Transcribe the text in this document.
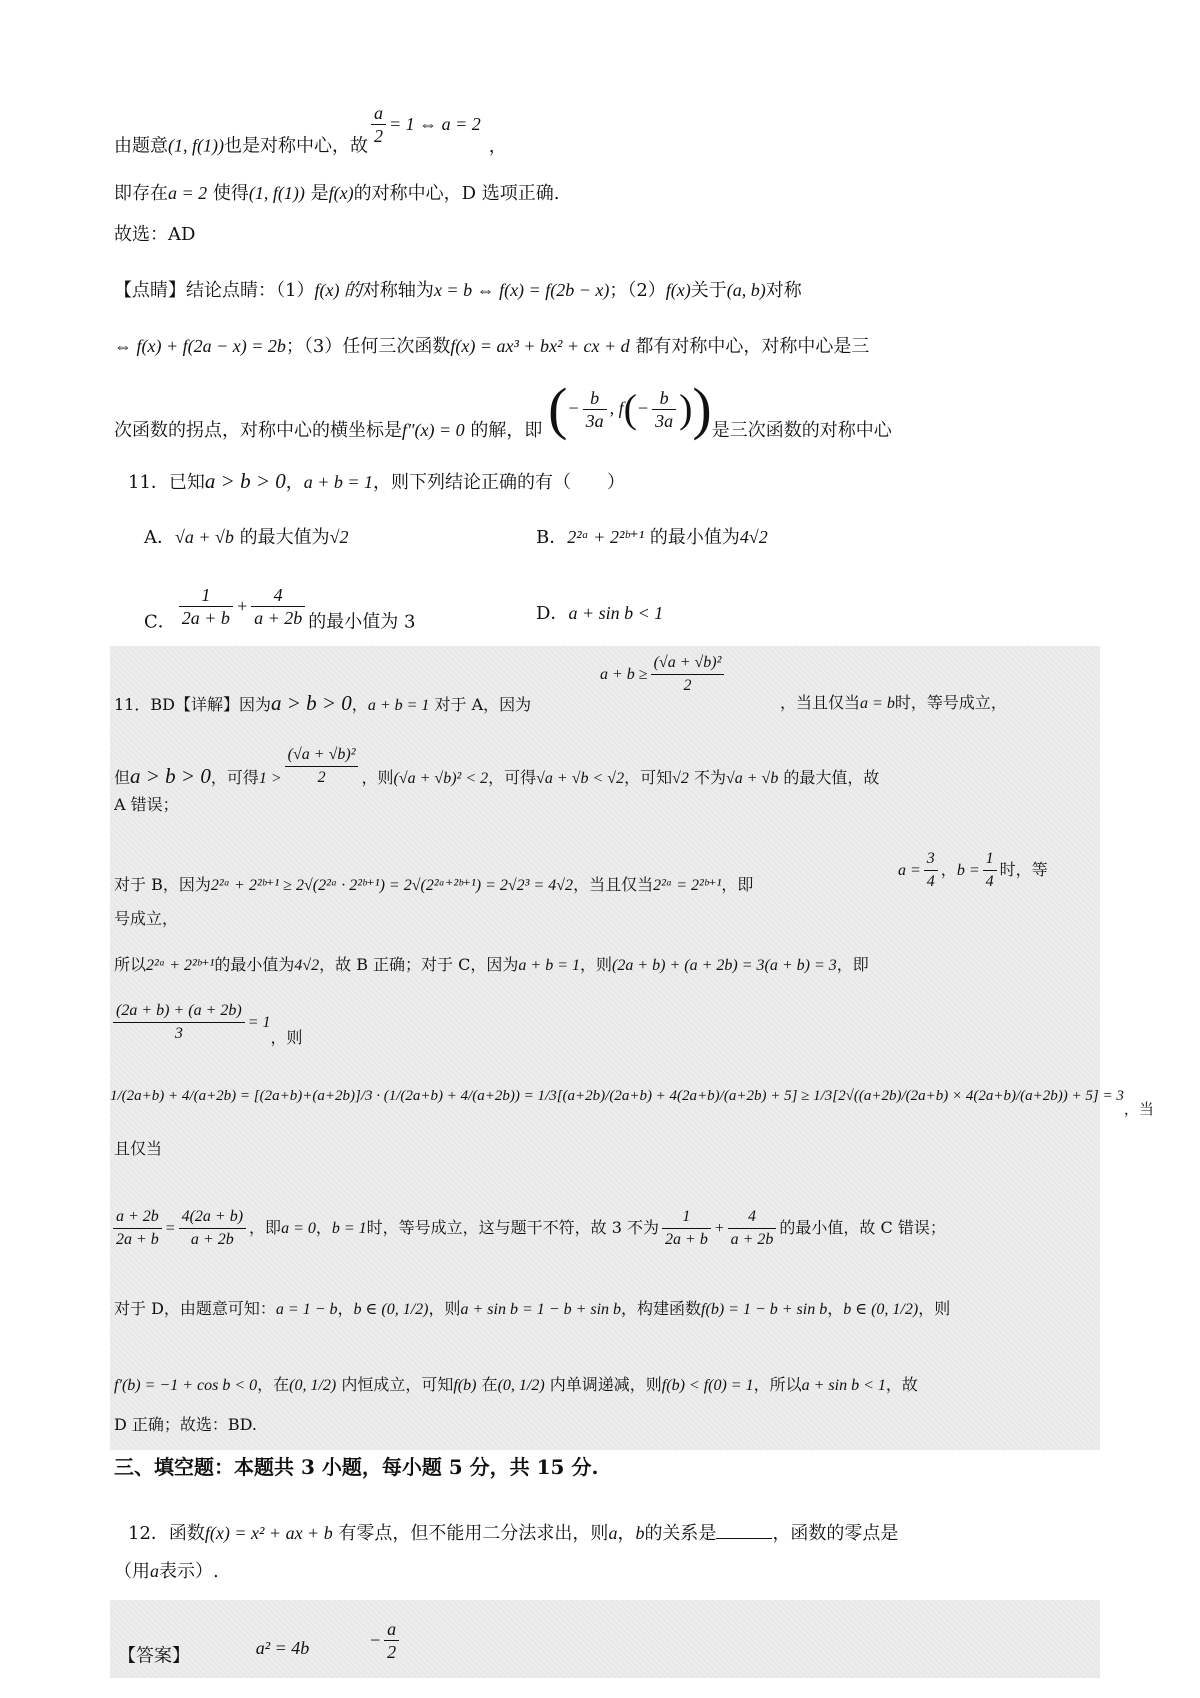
由题意(1, f(1))也是对称中心，故 $\frac{a}{2} = 1$ ⇔ a = 2，
即存在a = 2 使得(1, f(1)) 是f(x)的对称中心，D 选项正确.
故选：AD
【点睛】结论点睛：（1）f(x) 的对称轴为x = b ⇔ f(x) = f(2b − x)；（2）f(x)关于(a, b)对称
⇔ f(x) + f(2a − x) = 2b；（3）任何三次函数f(x) = ax³ + bx² + cx + d 都有对称中心，对称中心是三
次函数的拐点，对称中心的横坐标是f″(x) = 0 的解，即 (− $\frac{b}{3a}$ , $f(- \frac{b}{3a}$ ))是三次函数的对称中心
11．已知a > b > 0，a + b = 1，则下列结论正确的有（　　）
A．√a + √b 的最大值为√2	B．2²ᵃ + 2²ᵇ⁺¹ 的最小值为4√2
C． $\frac{1}{2a + b} + \frac{4}{a + 2b}$ 的最小值为 3	D．a + sin b < 1
11．BD【详解】因为a > b > 0，a + b = 1 对于 A，因为
$a + b \ge \frac{\text{(√a + √b)²}}{2}$
，当且仅当a = b时，等号成立，
但a > b > 0，可得$1 > \frac{\text{(√a + √b)²}}{2}$ ，则(√a + √b)² < 2，可得√a + √b < √2，可知√2 不为√a + √b 的最大值，故
A 错误；
对于 B，因为2²ᵃ + 2²ᵇ⁺¹ ≥ 2√(2²ᵃ · 2²ᵇ⁺¹) = 2√(2²ᵃ⁺²ᵇ⁺¹) = 2√2³ = 4√2，当且仅当2²ᵃ = 2²ᵇ⁺¹，即
$a = \frac{3}{4}$ ，$b = \frac{1}{4}$ 时，等
号成立，
所以2²ᵃ + 2²ᵇ⁺¹的最小值为4√2，故 B 正确；对于 C，因为a + b = 1，则(2a + b) + (a + 2b) = 3(a + b) = 3，即
$\frac{(2a + b) + (a + 2b)}{3} = 1$，则
1/(2a+b) + 4/(a+2b) = [(2a+b)+(a+2b)]/3 · (1/(2a+b) + 4/(a+2b)) = 1/3[(a+2b)/(2a+b) + 4(2a+b)/(a+2b) + 5] ≥ 1/3[2√((a+2b)/(2a+b) × 4(2a+b)/(a+2b)) + 5] = 3，当
且仅当
$\frac{a + 2b}{2a + b} = \frac{4(2a + b)}{a + 2b}$ ，即a = 0，b = 1时，等号成立，这与题干不符，故 3 不为 $\frac{1}{2a + b} + \frac{4}{a + 2b}$ 的最小值，故 C 错误；
对于 D，由题意可知：a = 1 − b，b ∈ (0, 1/2)，则a + sin b = 1 − b + sin b，构建函数f(b) = 1 − b + sin b，b ∈ (0, 1/2)，则
f′(b) = −1 + cos b < 0，在(0, 1/2) 内恒成立，可知f(b) 在(0, 1/2) 内单调递减，则f(b) < f(0) = 1，所以a + sin b < 1，故
D 正确；故选：BD.
三、填空题：本题共 3 小题，每小题 5 分，共 15 分.
12．函数f(x) = x² + ax + b 有零点，但不能用二分法求出，则a，b的关系是	，函数的零点是
（用a表示）.
【答案】	a² = 4b	− $\frac{a}{2}$
